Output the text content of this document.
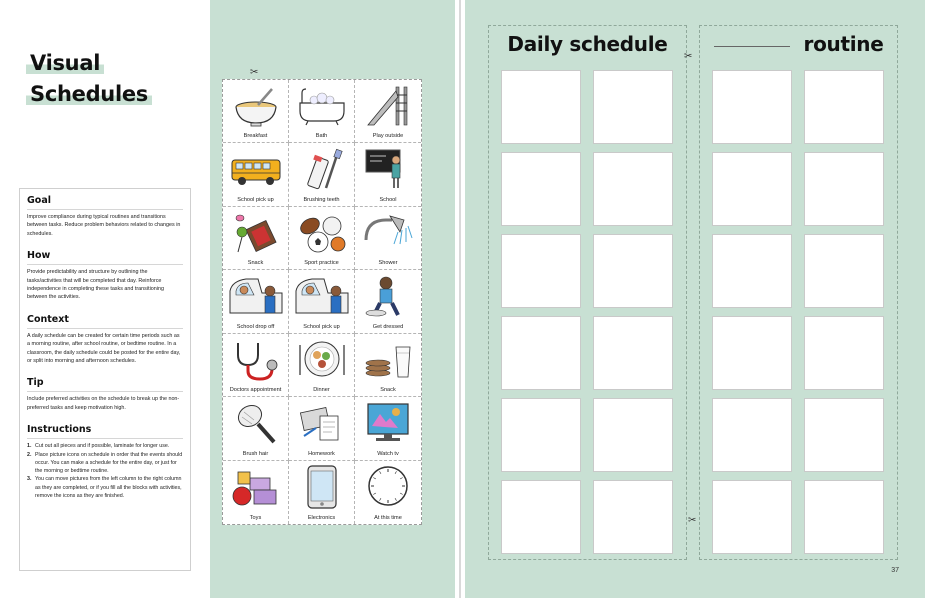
Visual
Schedules
Goal

Improve compliance during typical routines and transitions between tasks. Reduce problem behaviors related to changes in schedules.

How

Provide predictability and structure by outlining the tasks/activities that will be completed that day. Reinforce independence in completing these tasks and transitioning between the activities.

Context

A daily schedule can be created for certain time periods such as a morning routine, after school routine, or bedtime routine. In a classroom, the daily schedule could be posted for the entire day, or split into morning and afternoon schedules.

Tip

Include preferred activities on the schedule to break up the non-preferred tasks and keep motivation high.

Instructions
1. Cut out all pieces and if possible, laminate for longer use.
2. Place picture icons on schedule in order that the events should occur. You can make a schedule for the entire day, or just for the morning or bedtime routine.
3. You can move pictures from the left column to the right column as they are completed, or if you fill all the blocks with activities, remove the icons as they are finished.
✂
Breakfast	Bath	Play outside
School pick up	Brushing teeth	School
Snack	Sport practice	Shower
School drop off	School pick up	Get dressed
Doctors appointment	Dinner	Snack
Brush hair	Homework	Watch tv
Toys	Electronics	At this time
Daily schedule
✂
✂
routine
37
